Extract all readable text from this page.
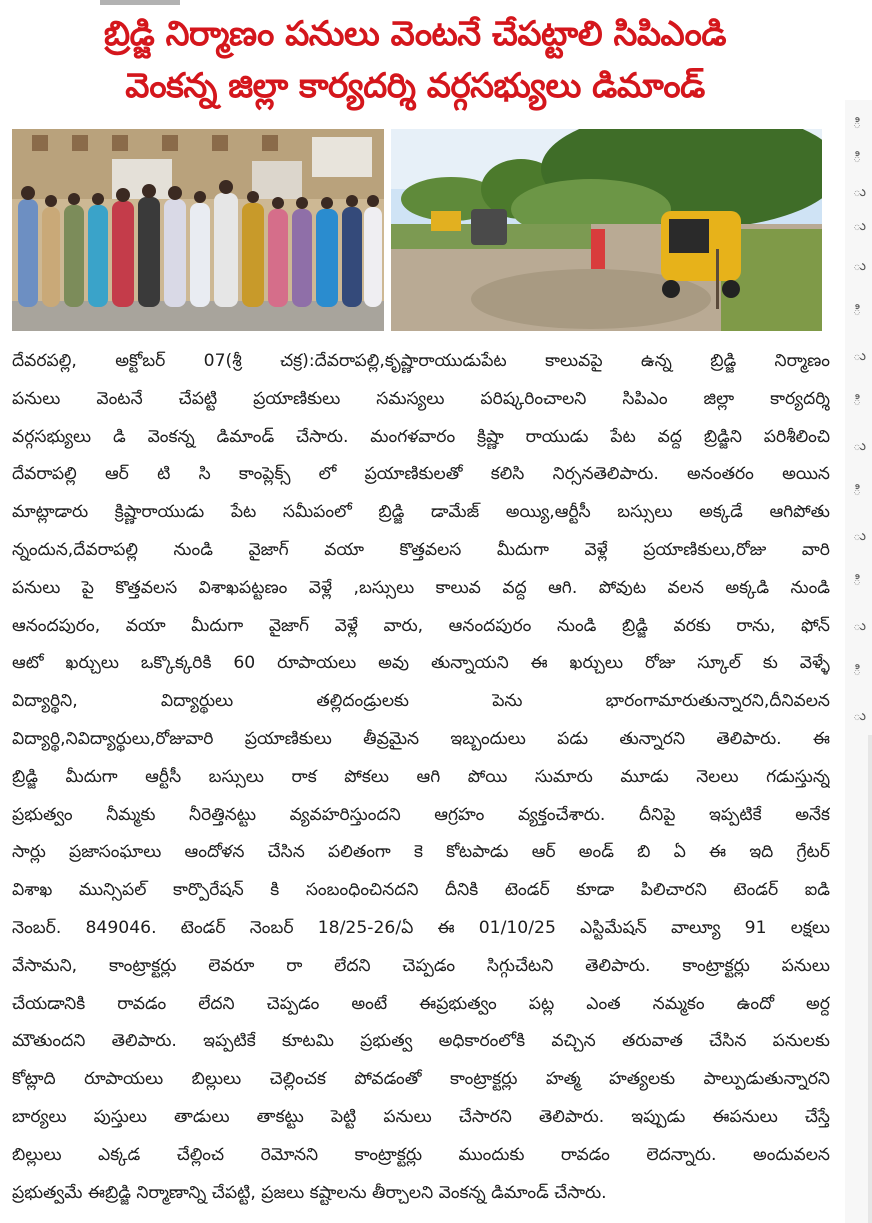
బ్రిడ్జి నిర్మాణం పనులు వెంటనే చేపట్టాలి సిపిఎండి
వెంకన్న జిల్లా కార్యదర్శి వర్గసభ్యులు డిమాండ్
దేవరపల్లి, అక్టోబర్ 07(శ్రీ చక్ర):దేవరాపల్లి,కృష్ణారాయుడుపేట కాలువపై ఉన్న బ్రిడ్జి నిర్మాణం
పనులు వెంటనే చేపట్టి ప్రయాణికులు సమస్యలు పరిష్కరించాలని సిపిఎం జిల్లా కార్యదర్శి
వర్గసభ్యులు డి వెంకన్న డిమాండ్ చేసారు. మంగళవారం క్రిష్ణా రాయుడు పేట వద్ద బ్రిడ్జిని పరిశీలించి
దేవరాపల్లి ఆర్ టి సి కాంప్లెక్స్ లో ప్రయాణికులతో కలిసి నిర్సనతెలిపారు. అనంతరం అయిన
మాట్లాడారు క్రిష్ణారాయుడు పేట సమీపంలో బ్రిడ్జి డామేజ్ అయ్యి,ఆర్టీసీ బస్సులు అక్కడే ఆగిపోతు
న్నందున,దేవరాపల్లి నుండి వైజాగ్ వయా కొత్తవలస మీదుగా వెళ్లే ప్రయాణికులు,రోజు వారి
పనులు పై కొత్తవలస విశాఖపట్టణం వెళ్లే ,బస్సులు కాలువ వద్ద ఆగి. పోవుట వలన అక్కడి నుండి
ఆనందపురం, వయా మీదుగా వైజాగ్ వెళ్లే వారు, ఆనందపురం నుండి బ్రిడ్జి వరకు రాను, ఫోన్
ఆటో ఖర్చులు ఒక్కొక్కరికి 60 రూపాయలు అవు తున్నాయని ఈ ఖర్చులు రోజు స్కూల్ కు వెళ్ళే
విద్యార్థిని, విద్యార్థులు తల్లిదండ్రులకు పెను భారంగామారుతున్నారని,దీనివలన
విద్యార్థి,నివిద్యార్థులు,రోజువారి ప్రయాణికులు తీవ్రమైన ఇబ్బందులు పడు తున్నారని తెలిపారు. ఈ
బ్రిడ్జి మీదుగా ఆర్టీసీ బస్సులు రాక పోకలు ఆగి పోయి సుమారు మూడు నెలలు గడుస్తున్న
ప్రభుత్వం నీమ్మకు నీరెత్తినట్టు వ్యవహరిస్తుందని ఆగ్రహం వ్యక్తంచేశారు. దీనిపై ఇప్పటికే అనేక
సార్లు ప్రజాసంఘాలు ఆందోళన చేసిన పలితంగా కె కోటపాడు ఆర్ అండ్ బి ఏ ఈ ఇది గ్రేటర్
విశాఖ మున్సిపల్ కార్పొరేషన్ కి సంబంధించినదని దీనికి టెండర్ కూడా పిలిచారని టెండర్ ఐడి
నెంబర్. 849046. టెండర్ నెంబర్ 18/25-26/ఏ ఈ 01/10/25 ఎస్టిమేషన్ వాల్యూ 91 లక్షలు
వేసామని, కాంట్రాక్టర్లు లెవరూ రా లేదని చెప్పడం సిగ్గుచేటని తెలిపారు. కాంట్రాక్టర్లు పనులు
చేయడానికి రావడం లేదని చెప్పడం అంటే ఈప్రభుత్వం పట్ల ఎంత నమ్మకం ఉందో అర్ద
మౌతుందని తెలిపారు. ఇప్పటికే కూటమి ప్రభుత్వ అధికారంలోకి వచ్చిన తరువాత చేసిన పనులకు
కోట్లాది రూపాయలు బిల్లులు చెల్లించక పోవడంతో కాంట్రాక్టర్లు హత్మ హత్యలకు పాల్పుడుతున్నారని
బార్యలు పుస్తులు తాడులు తాకట్టు పెట్టి పనులు చేసారని తెలిపారు. ఇప్పుడు ఈపనులు చేస్తే
బిల్లులు ఎక్కడ చేల్లించ రెమోనని కాంట్రాక్టర్లు ముందుకు రావడం లెదన్నారు. అందువలన
ప్రభుత్వమే ఈబ్రిడ్జి నిర్మాణాన్ని చేపట్టి, ప్రజలు కష్టాలను తీర్చాలని వెంకన్న డిమాండ్ చేసారు.
ి
ి
ు
ు
ు
ి
ు
ి
ు
ి
ు
ి
ు
ి
ు
